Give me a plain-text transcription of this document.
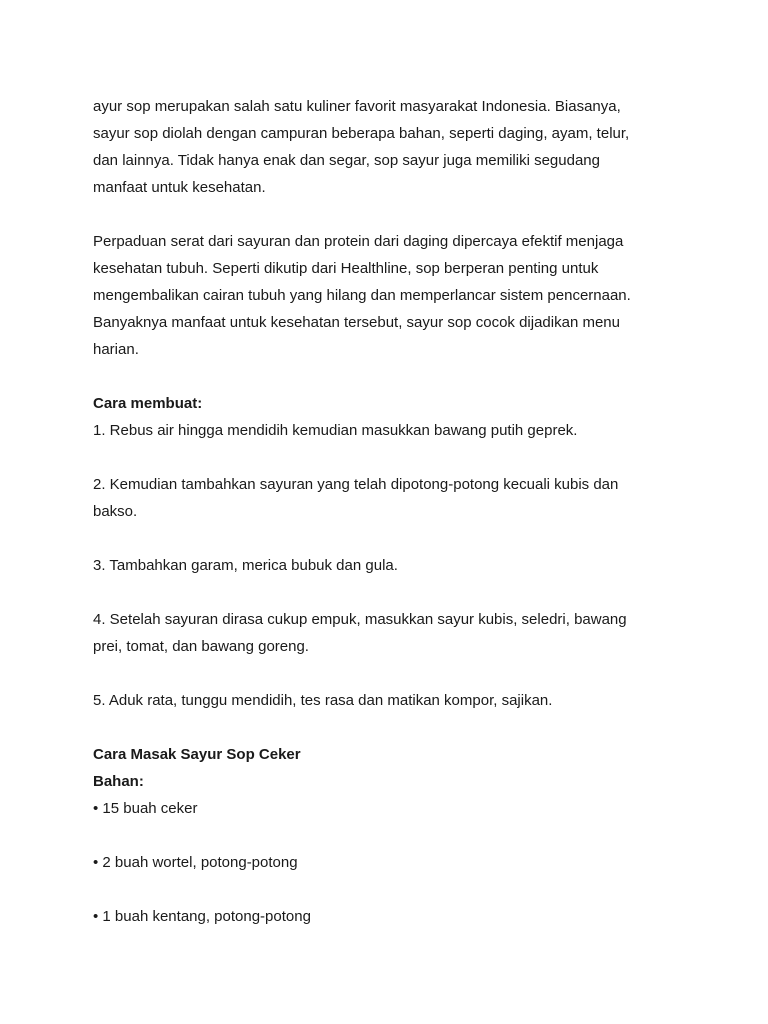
ayur sop merupakan salah satu kuliner favorit masyarakat Indonesia. Biasanya,

sayur sop diolah dengan campuran beberapa bahan, seperti daging, ayam, telur,

dan lainnya. Tidak hanya enak dan segar, sop sayur juga memiliki segudang

manfaat untuk kesehatan.

Perpaduan serat dari sayuran dan protein dari daging dipercaya efektif menjaga

kesehatan tubuh. Seperti dikutip dari Healthline, sop berperan penting untuk

mengembalikan cairan tubuh yang hilang dan memperlancar sistem pencernaan.

Banyaknya manfaat untuk kesehatan tersebut, sayur sop cocok dijadikan menu

harian.

Cara membuat:

1. Rebus air hingga mendidih kemudian masukkan bawang putih geprek.

2. Kemudian tambahkan sayuran yang telah dipotong-potong kecuali kubis dan

bakso.

3. Tambahkan garam, merica bubuk dan gula.

4. Setelah sayuran dirasa cukup empuk, masukkan sayur kubis, seledri, bawang

prei, tomat, dan bawang goreng.

5. Aduk rata, tunggu mendidih, tes rasa dan matikan kompor, sajikan.

Cara Masak Sayur Sop Ceker

Bahan:

• 15 buah ceker

• 2 buah wortel, potong-potong

• 1 buah kentang, potong-potong
